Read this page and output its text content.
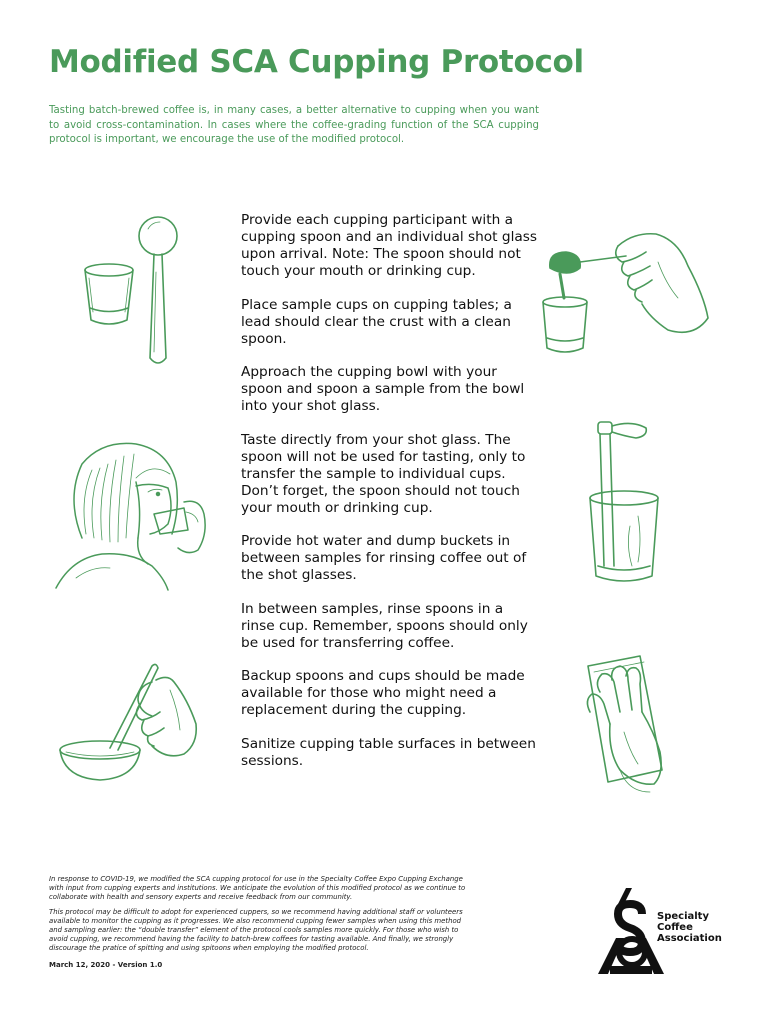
Modified SCA Cupping Protocol
Tasting batch-brewed coffee is, in many cases, a better alternative to cupping when you want to avoid cross-contamination. In cases where the coffee-grading function of the SCA cupping protocol is important, we encourage the use of the modified protocol.

Provide each cupping participant with a cupping spoon and an individual shot glass upon arrival. Note: The spoon should not touch your mouth or drinking cup.

Place sample cups on cupping tables; a lead should clear the crust with a clean spoon.

Approach the cupping bowl with your spoon and spoon a sample from the bowl into your shot glass.

Taste directly from your shot glass. The spoon will not be used for tasting, only to transfer the sample to individual cups. Don’t forget, the spoon should not touch your mouth or drinking cup.

Provide hot water and dump buckets in between samples for rinsing coffee out of the shot glasses.

In between samples, rinse spoons in a rinse cup. Remember, spoons should only be used for transferring coffee.

Backup spoons and cups should be made available for those who might need a replacement during the cupping.

Sanitize cupping table surfaces in between sessions.

In response to COVID-19, we modified the SCA cupping protocol for use in the Specialty Coffee Expo Cupping Exchange with input from cupping experts and institutions. We anticipate the evolution of this modified protocol as we continue to collaborate with health and sensory experts and receive feedback from our community.

This protocol may be difficult to adopt for experienced cuppers, so we recommend having additional staff or volunteers available to monitor the cupping as it progresses. We also recommend cupping fewer samples when using this method and sampling earlier: the “double transfer” element of the protocol cools samples more quickly. For those who wish to avoid cupping, we recommend having the facility to batch-brew coffees for tasting available. And finally, we strongly discourage the pratice of spitting and using spitoons when employing the modified protocol.

March 12, 2020 - Version 1.0

Specialty
Coffee
Association
